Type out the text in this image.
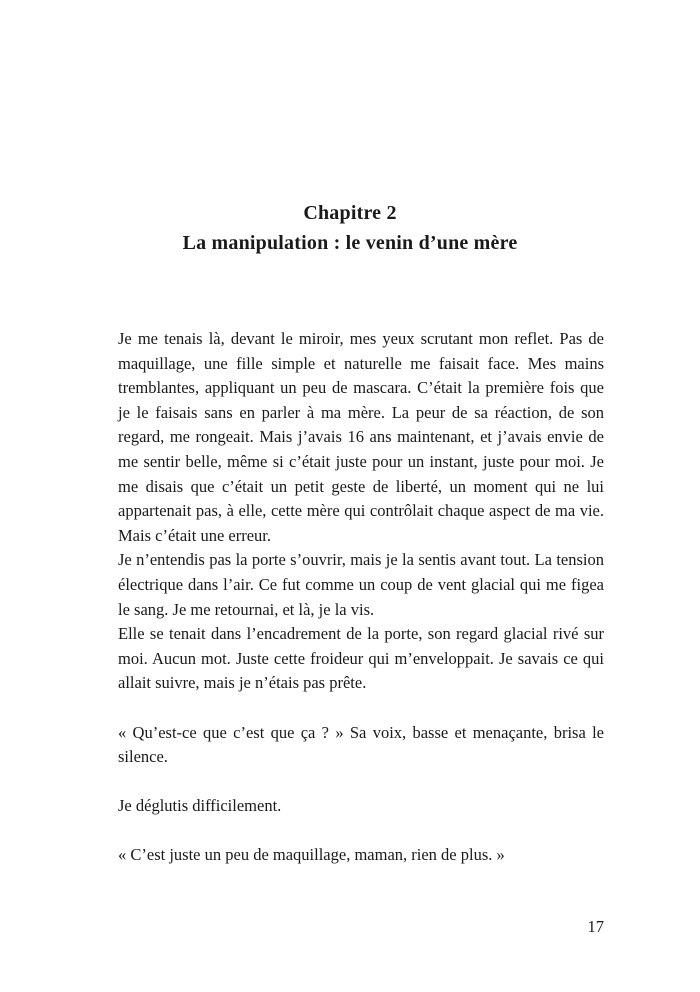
Chapitre 2
La manipulation : le venin d’une mère

Je me tenais là, devant le miroir, mes yeux scrutant mon reflet. Pas de maquillage, une fille simple et naturelle me faisait face. Mes mains tremblantes, appliquant un peu de mascara. C’était la première fois que je le faisais sans en parler à ma mère. La peur de sa réaction, de son regard, me rongeait. Mais j’avais 16 ans maintenant, et j’avais envie de me sentir belle, même si c’était juste pour un instant, juste pour moi. Je me disais que c’était un petit geste de liberté, un moment qui ne lui appartenait pas, à elle, cette mère qui contrôlait chaque aspect de ma vie. Mais c’était une erreur.

Je n’entendis pas la porte s’ouvrir, mais je la sentis avant tout. La tension électrique dans l’air. Ce fut comme un coup de vent glacial qui me figea le sang. Je me retournai, et là, je la vis.

Elle se tenait dans l’encadrement de la porte, son regard glacial rivé sur moi. Aucun mot. Juste cette froideur qui m’enveloppait. Je savais ce qui allait suivre, mais je n’étais pas prête.

« Qu’est-ce que c’est que ça ? » Sa voix, basse et menaçante, brisa le silence.

Je déglutis difficilement.

« C’est juste un peu de maquillage, maman, rien de plus. »

17
